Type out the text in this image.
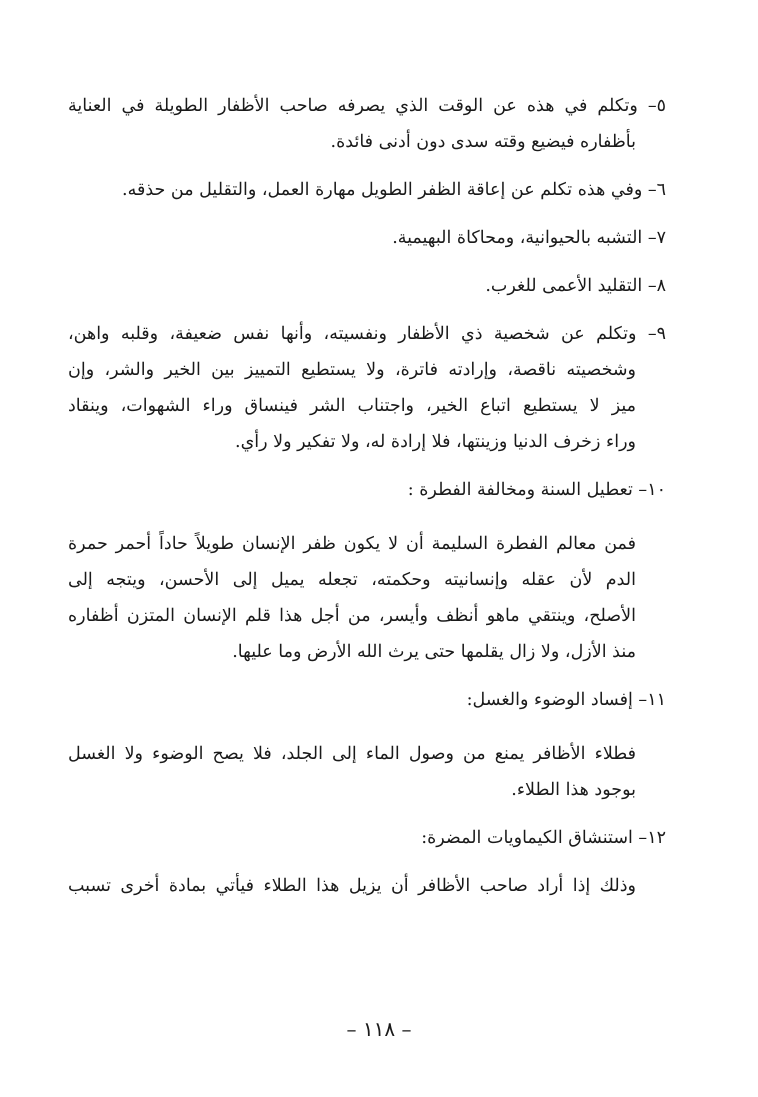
٥– وتكلم في هذه عن الوقت الذي يصرفه صاحب الأظفار الطويلة في العناية
بأظفاره فيضيع وقته سدى دون أدنى فائدة.
٦– وفي هذه تكلم عن إعاقة الظفر الطويل مهارة العمل، والتقليل من حذقه.
٧– التشبه بالحيوانية، ومحاكاة البهيمية.
٨– التقليد الأعمى للغرب.
٩– وتكلم عن شخصية ذي الأظفار ونفسيته، وأنها نفس ضعيفة، وقلبه واهن،
وشخصيته ناقصة، وإرادته فاترة، ولا يستطيع التمييز بين الخير والشر، وإن
ميز لا يستطيع اتباع الخير، واجتناب الشر فينساق وراء الشهوات، وينقاد
وراء زخرف الدنيا وزينتها، فلا إرادة له، ولا تفكير ولا رأي.
١٠– تعطيل السنة ومخالفة الفطرة :
فمن معالم الفطرة السليمة أن لا يكون ظفر الإنسان طويلاً حاداً أحمر حمرة
الدم لأن عقله وإنسانيته وحكمته، تجعله يميل إلى الأحسن، ويتجه إلى
الأصلح، وينتقي ماهو أنظف وأيسر، من أجل هذا قلم الإنسان المتزن أظفاره
منذ الأزل، ولا زال يقلمها حتى يرث الله الأرض وما عليها.
١١– إفساد الوضوء والغسل:
فطلاء الأظافر يمنع من وصول الماء إلى الجلد، فلا يصح الوضوء ولا الغسل
بوجود هذا الطلاء.
١٢– استنشاق الكيماويات المضرة:
وذلك إذا أراد صاحب الأظافر أن يزيل هذا الطلاء فيأتي بمادة أخرى تسبب
– ١١٨ –
